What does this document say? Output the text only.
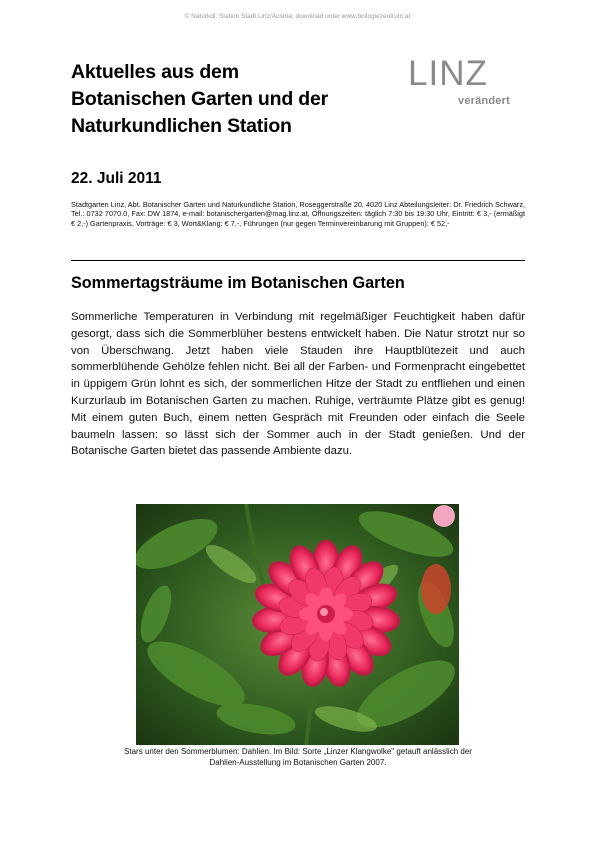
© Naturkdl. Station Stadt Linz/Austria; download unter www.biologiezentrum.at
Aktuelles aus dem
Botanischen Garten und der
Naturkundlichen Station
LINZ
verändert
22. Juli 2011
Stadtgarten Linz, Abt. Botanischer Garten und Naturkundliche Station, Roseggerstraße 20, 4020 Linz Abteilungsleiter: Dr. Friedrich Schwarz, Tel.: 0732 7070.0, Fax: DW 1874, e-mail: botanischergarten@mag.linz.at, Öffnungszeiten: täglich 7:30 bis 19:30 Uhr, Eintritt: € 3,- (ermäßigt € 2,-) Gartenpraxis, Vorträge: € 3, Wort&Klang: € 7,-, Führungen (nur gegen Terminvereinbarung mit Gruppen): € 52,-
Sommertagsträume im Botanischen Garten
Sommerliche Temperaturen in Verbindung mit regelmäßiger Feuchtigkeit haben dafür gesorgt, dass sich die Sommerblüher bestens entwickelt haben. Die Natur strotzt nur so von Überschwang. Jetzt haben viele Stauden ihre Hauptblütezeit und auch sommerblühende Gehölze fehlen nicht. Bei all der Farben- und Formenpracht eingebettet in üppigem Grün lohnt es sich, der sommerlichen Hitze der Stadt zu entfliehen und einen Kurzurlaub im Botanischen Garten zu machen. Ruhige, verträumte Plätze gibt es genug! Mit einem guten Buch, einem netten Gespräch mit Freunden oder einfach die Seele baumeln lassen: so lässt sich der Sommer auch in der Stadt genießen. Und der Botanische Garten bietet das passende Ambiente dazu.
Stars unter den Sommerblumen: Dahlien. Im Bild: Sorte „Linzer Klangwolke" getauft anlässlich der
Dahlien-Ausstellung im Botanischen Garten 2007.
